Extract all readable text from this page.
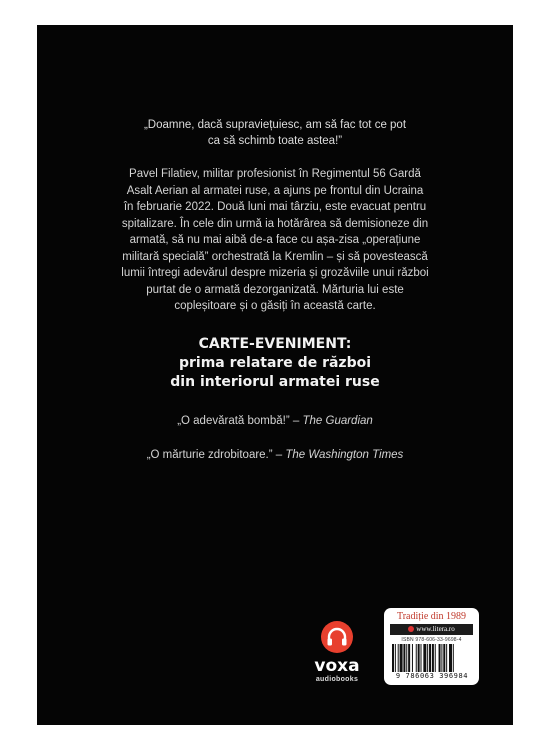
„Doamne, dacă supraviețuiesc, am să fac tot ce pot
ca să schimb toate astea!”
Pavel Filatiev, militar profesionist în Regimentul 56 Gardă
Asalt Aerian al armatei ruse, a ajuns pe frontul din Ucraina
în februarie 2022. Două luni mai târziu, este evacuat pentru
spitalizare. În cele din urmă ia hotărârea să demisioneze din
armată, să nu mai aibă de-a face cu așa-zisa „operațiune
militară specială” orchestrată la Kremlin – și să povestească
lumii întregi adevărul despre mizeria și grozăviile unui război
purtat de o armată dezorganizată. Mărturia lui este
copleșitoare și o găsiți în această carte.
CARTE-EVENIMENT:
prima relatare de război
din interiorul armatei ruse
„O adevărată bombă!” – The Guardian
„O mărturie zdrobitoare.” – The Washington Times
voxa
audiobooks
Tradiție din 1989
www.litera.ro
ISBN 978-606-33-9698-4
9 786063 396984
